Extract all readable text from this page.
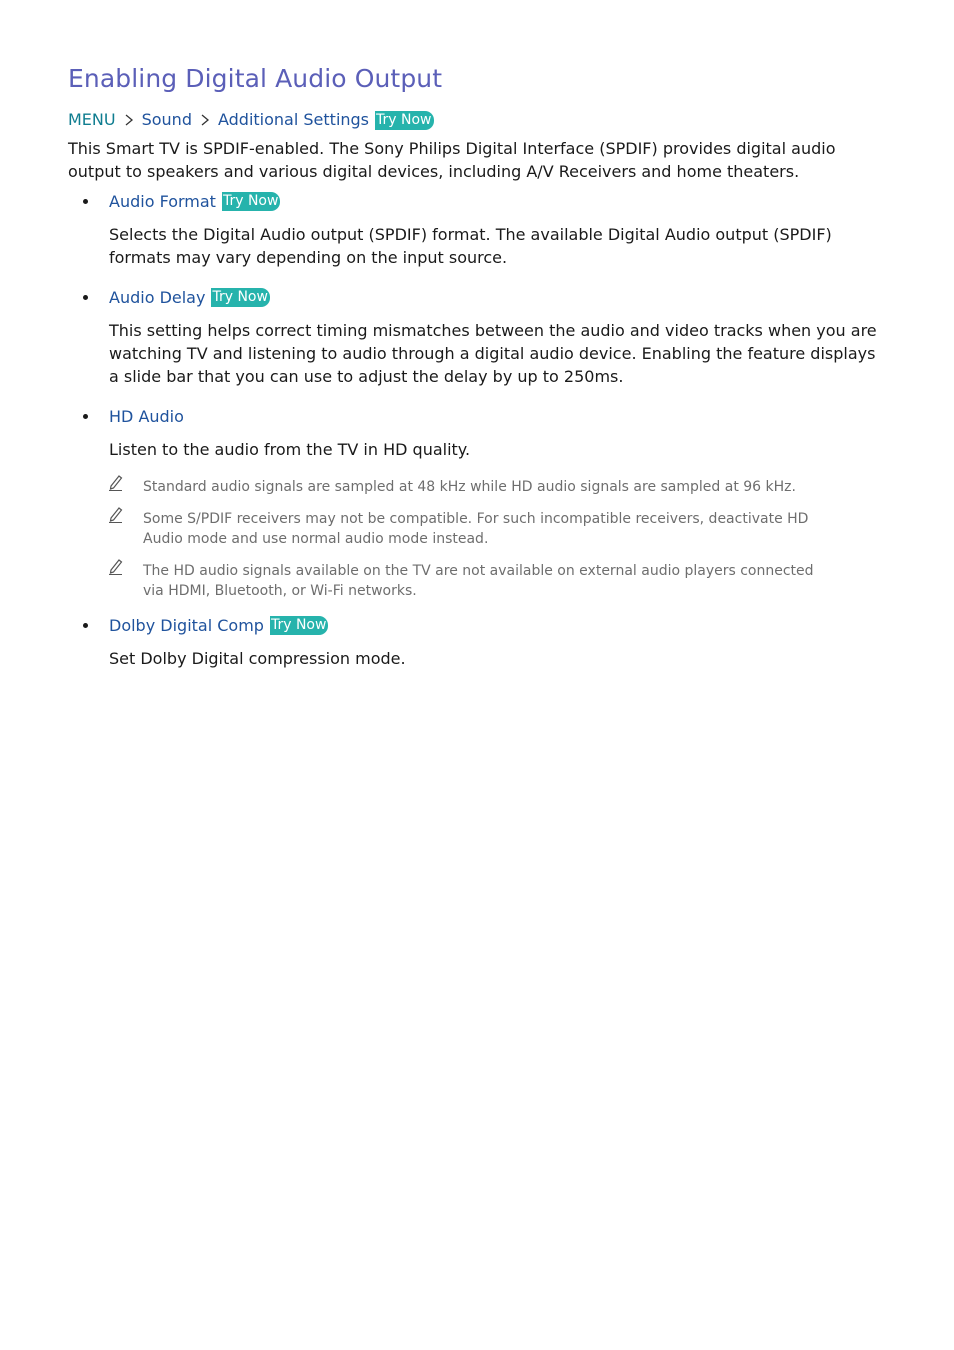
Enabling Digital Audio Output
MENU Sound Additional Settings Try Now

This Smart TV is SPDIF-enabled. The Sony Philips Digital Interface (SPDIF) provides digital audio output to speakers and various digital devices, including A/V Receivers and home theaters.

Audio Format Try Now

Selects the Digital Audio output (SPDIF) format. The available Digital Audio output (SPDIF) formats may vary depending on the input source.

Audio Delay Try Now

This setting helps correct timing mismatches between the audio and video tracks when you are watching TV and listening to audio through a digital audio device. Enabling the feature displays a slide bar that you can use to adjust the delay by up to 250ms.

HD Audio

Listen to the audio from the TV in HD quality.

Standard audio signals are sampled at 48 kHz while HD audio signals are sampled at 96 kHz.
Some S/PDIF receivers may not be compatible. For such incompatible receivers, deactivate HD Audio mode and use normal audio mode instead.
The HD audio signals available on the TV are not available on external audio players connected via HDMI, Bluetooth, or Wi-Fi networks.
Dolby Digital Comp Try Now

Set Dolby Digital compression mode.
